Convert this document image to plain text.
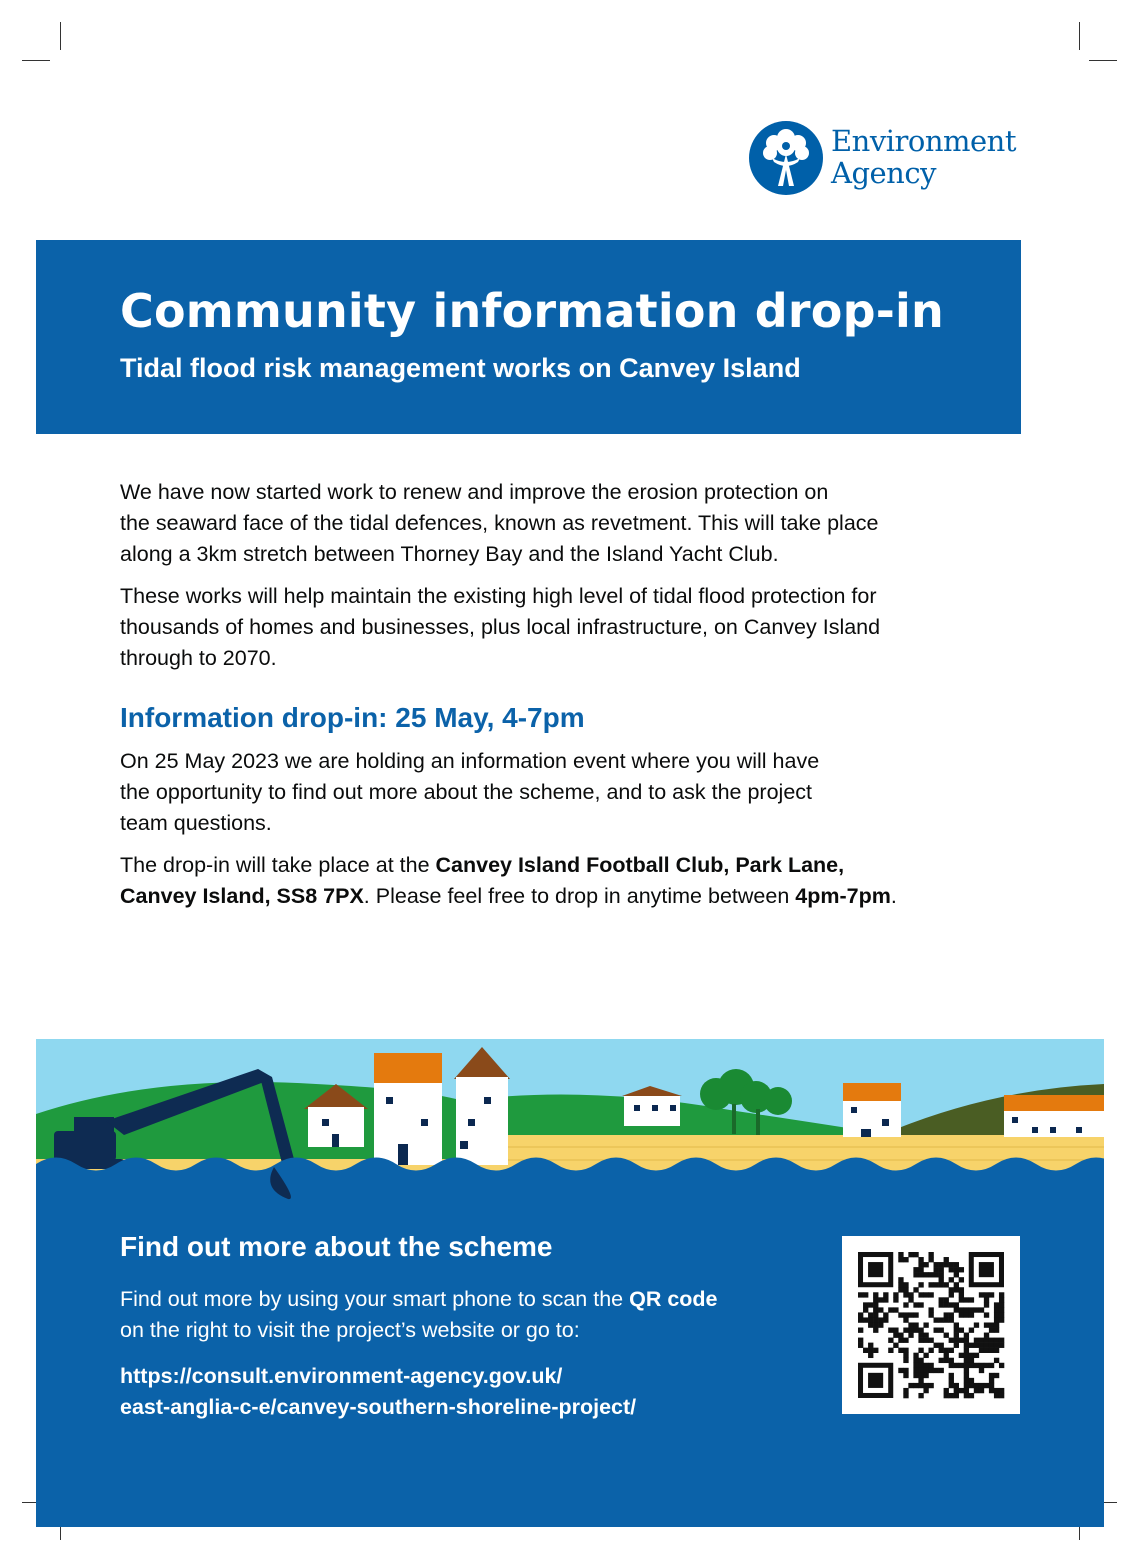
Environment
Agency
Community information drop-in
Tidal flood risk management works on Canvey Island

We have now started work to renew and improve the erosion protection on
the seaward face of the tidal defences, known as revetment. This will take place
along a 3km stretch between Thorney Bay and the Island Yacht Club.

These works will help maintain the existing high level of tidal flood protection for
thousands of homes and businesses, plus local infrastructure, on Canvey Island
through to 2070.

Information drop-in: 25 May, 4-7pm

On 25 May 2023 we are holding an information event where you will have
the opportunity to find out more about the scheme, and to ask the project
team questions.

The drop-in will take place at the Canvey Island Football Club, Park Lane,
Canvey Island, SS8 7PX. Please feel free to drop in anytime between 4pm-7pm.

Find out more about the scheme

Find out more by using your smart phone to scan the QR code
on the right to visit the project’s website or go to:

https://consult.environment-agency.gov.uk/
east-anglia-c-e/canvey-southern-shoreline-project/
